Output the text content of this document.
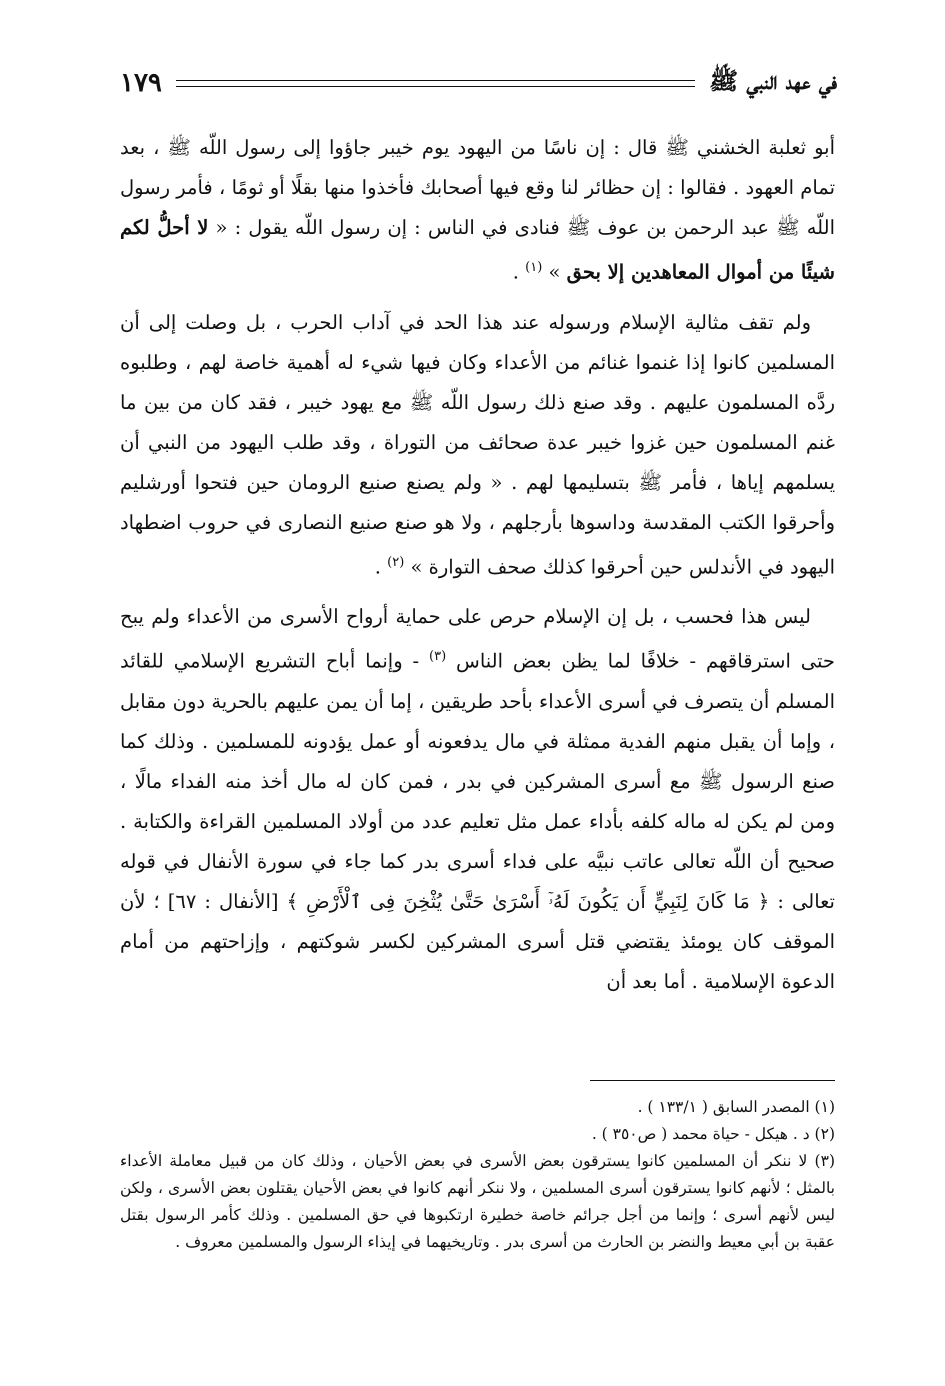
في عهد النبي ﷺ
١٧٩

أبو ثعلبة الخشني ﷺ قال : إن ناسًا من اليهود يوم خيبر جاؤوا إلى رسول اللّه ﷺ ، بعد تمام العهود . فقالوا : إن حظائر لنا وقع فيها أصحابك فأخذوا منها بقلًا أو ثومًا ، فأمر رسول اللّه ﷺ عبد الرحمن بن عوف ﷺ فنادى في الناس : إن رسول اللّه يقول : « لا أحلُّ لكم شيئًا من أموال المعاهدين إلا بحق » $^{(١)}$ .

ولم تقف مثالية الإسلام ورسوله عند هذا الحد في آداب الحرب ، بل وصلت إلى أن المسلمين كانوا إذا غنموا غنائم من الأعداء وكان فيها شيء له أهمية خاصة لهم ، وطلبوه ردَّه المسلمون عليهم . وقد صنع ذلك رسول اللّه ﷺ مع يهود خيبر ، فقد كان من بين ما غنم المسلمون حين غزوا خيبر عدة صحائف من التوراة ، وقد طلب اليهود من النبي أن يسلمهم إياها ، فأمر ﷺ بتسليمها لهم . « ولم يصنع صنيع الرومان حين فتحوا أورشليم وأحرقوا الكتب المقدسة وداسوها بأرجلهم ، ولا هو صنع صنيع النصارى في حروب اضطهاد اليهود في الأندلس حين أحرقوا كذلك صحف التوارة » $^{(٢)}$ .

ليس هذا فحسب ، بل إن الإسلام حرص على حماية أرواح الأسرى من الأعداء ولم يبح حتى استرقاقهم - خلافًا لما يظن بعض الناس $^{(٣)}$ - وإنما أباح التشريع الإسلامي للقائد المسلم أن يتصرف في أسرى الأعداء بأحد طريقين ، إما أن يمن عليهم بالحرية دون مقابل ، وإما أن يقبل منهم الفدية ممثلة في مال يدفعونه أو عمل يؤدونه للمسلمين . وذلك كما صنع الرسول ﷺ مع أسرى المشركين في بدر ، فمن كان له مال أخذ منه الفداء مالًا ، ومن لم يكن له ماله كلفه بأداء عمل مثل تعليم عدد من أولاد المسلمين القراءة والكتابة . صحيح أن اللّه تعالى عاتب نبيَّه على فداء أسرى بدر كما جاء في سورة الأنفال في قوله تعالى : ﴿ مَا كَانَ لِنَبِيٍّ أَن يَكُونَ لَهُۥٓ أَسْرَىٰ حَتَّىٰ يُثْخِنَ فِى ٱلْأَرْضِ ﴾ [الأنفال : ٦٧] ؛ لأن الموقف كان يومئذ يقتضي قتل أسرى المشركين لكسر شوكتهم ، وإزاحتهم من أمام الدعوة الإسلامية . أما بعد أن

(١) المصدر السابق ( ١٣٣/١ ) .

(٢) د . هيكل - حياة محمد ( ص٣٥٠ ) .

(٣) لا ننكر أن المسلمين كانوا يسترقون بعض الأسرى في بعض الأحيان ، وذلك كان من قبيل معاملة الأعداء بالمثل ؛ لأنهم كانوا يسترقون أسرى المسلمين ، ولا ننكر أنهم كانوا في بعض الأحيان يقتلون بعض الأسرى ، ولكن ليس لأنهم أسرى ؛ وإنما من أجل جرائم خاصة خطيرة ارتكبوها في حق المسلمين . وذلك كأمر الرسول بقتل عقبة بن أبي معيط والنضر بن الحارث من أسرى بدر . وتاريخيهما في إيذاء الرسول والمسلمين معروف .
